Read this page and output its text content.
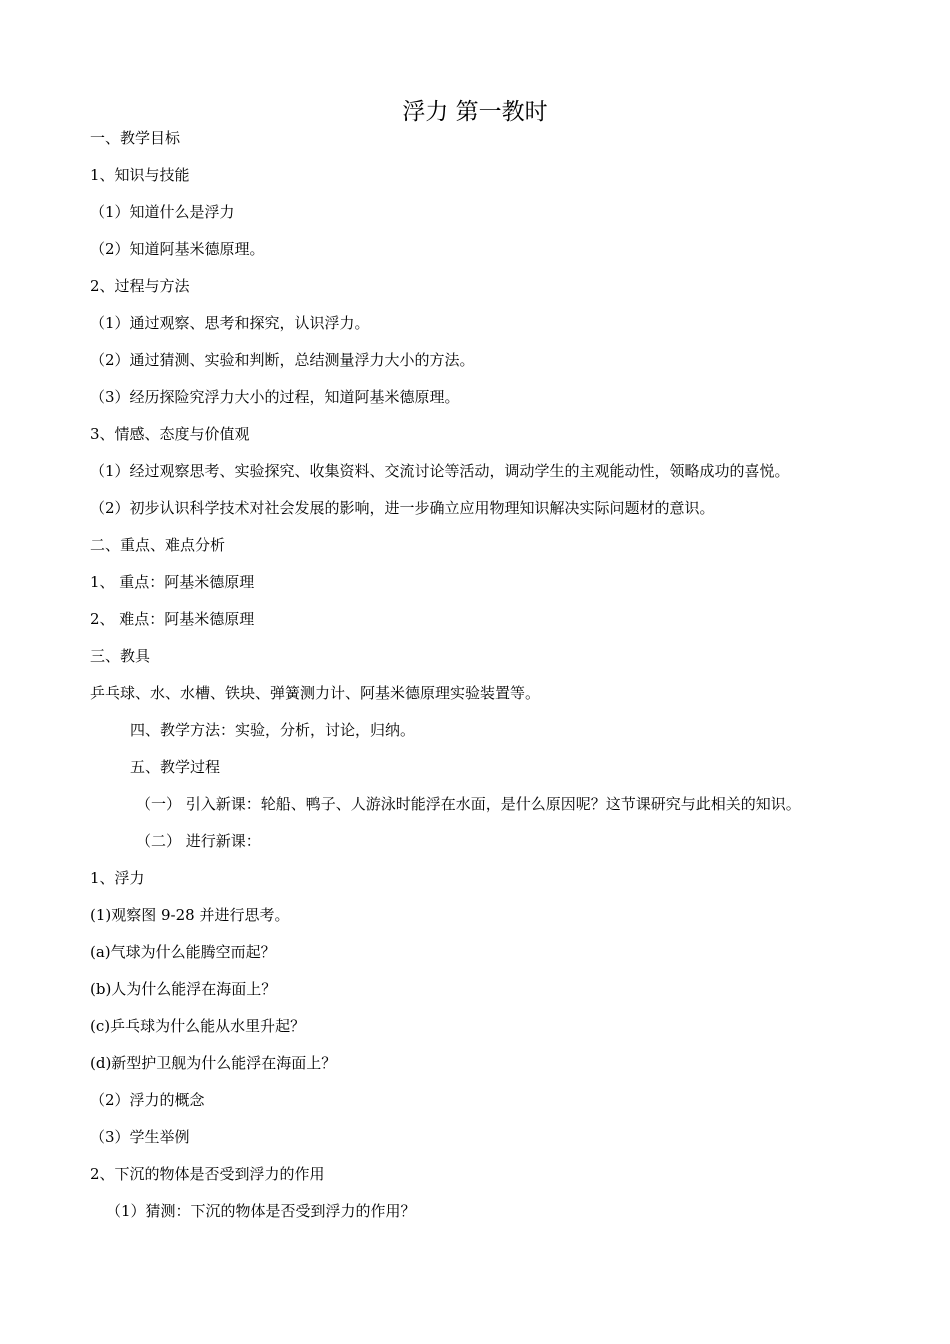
浮力 第一教时
一、教学目标
1、知识与技能
（1）知道什么是浮力
（2）知道阿基米德原理。
2、过程与方法
（1）通过观察、思考和探究，认识浮力。
（2）通过猜测、实验和判断，总结测量浮力大小的方法。
（3）经历探险究浮力大小的过程，知道阿基米德原理。
3、情感、态度与价值观
（1）经过观察思考、实验探究、收集资料、交流讨论等活动，调动学生的主观能动性，领略成功的喜悦。
（2）初步认识科学技术对社会发展的影响，进一步确立应用物理知识解决实际问题材的意识。
二、重点、难点分析
1、 重点：阿基米德原理
2、 难点：阿基米德原理
三、教具
乒乓球、水、水槽、铁块、弹簧测力计、阿基米德原理实验装置等。
四、教学方法：实验，分析，讨论，归纳。
五、教学过程
（一） 引入新课：轮船、鸭子、人游泳时能浮在水面，是什么原因呢？这节课研究与此相关的知识。
（二） 进行新课：
1、浮力
(1)观察图 9-28 并进行思考。
(a)气球为什么能腾空而起？
(b)人为什么能浮在海面上？
(c)乒乓球为什么能从水里升起？
(d)新型护卫舰为什么能浮在海面上？
（2）浮力的概念
（3）学生举例
2、下沉的物体是否受到浮力的作用
（1）猜测：下沉的物体是否受到浮力的作用？
